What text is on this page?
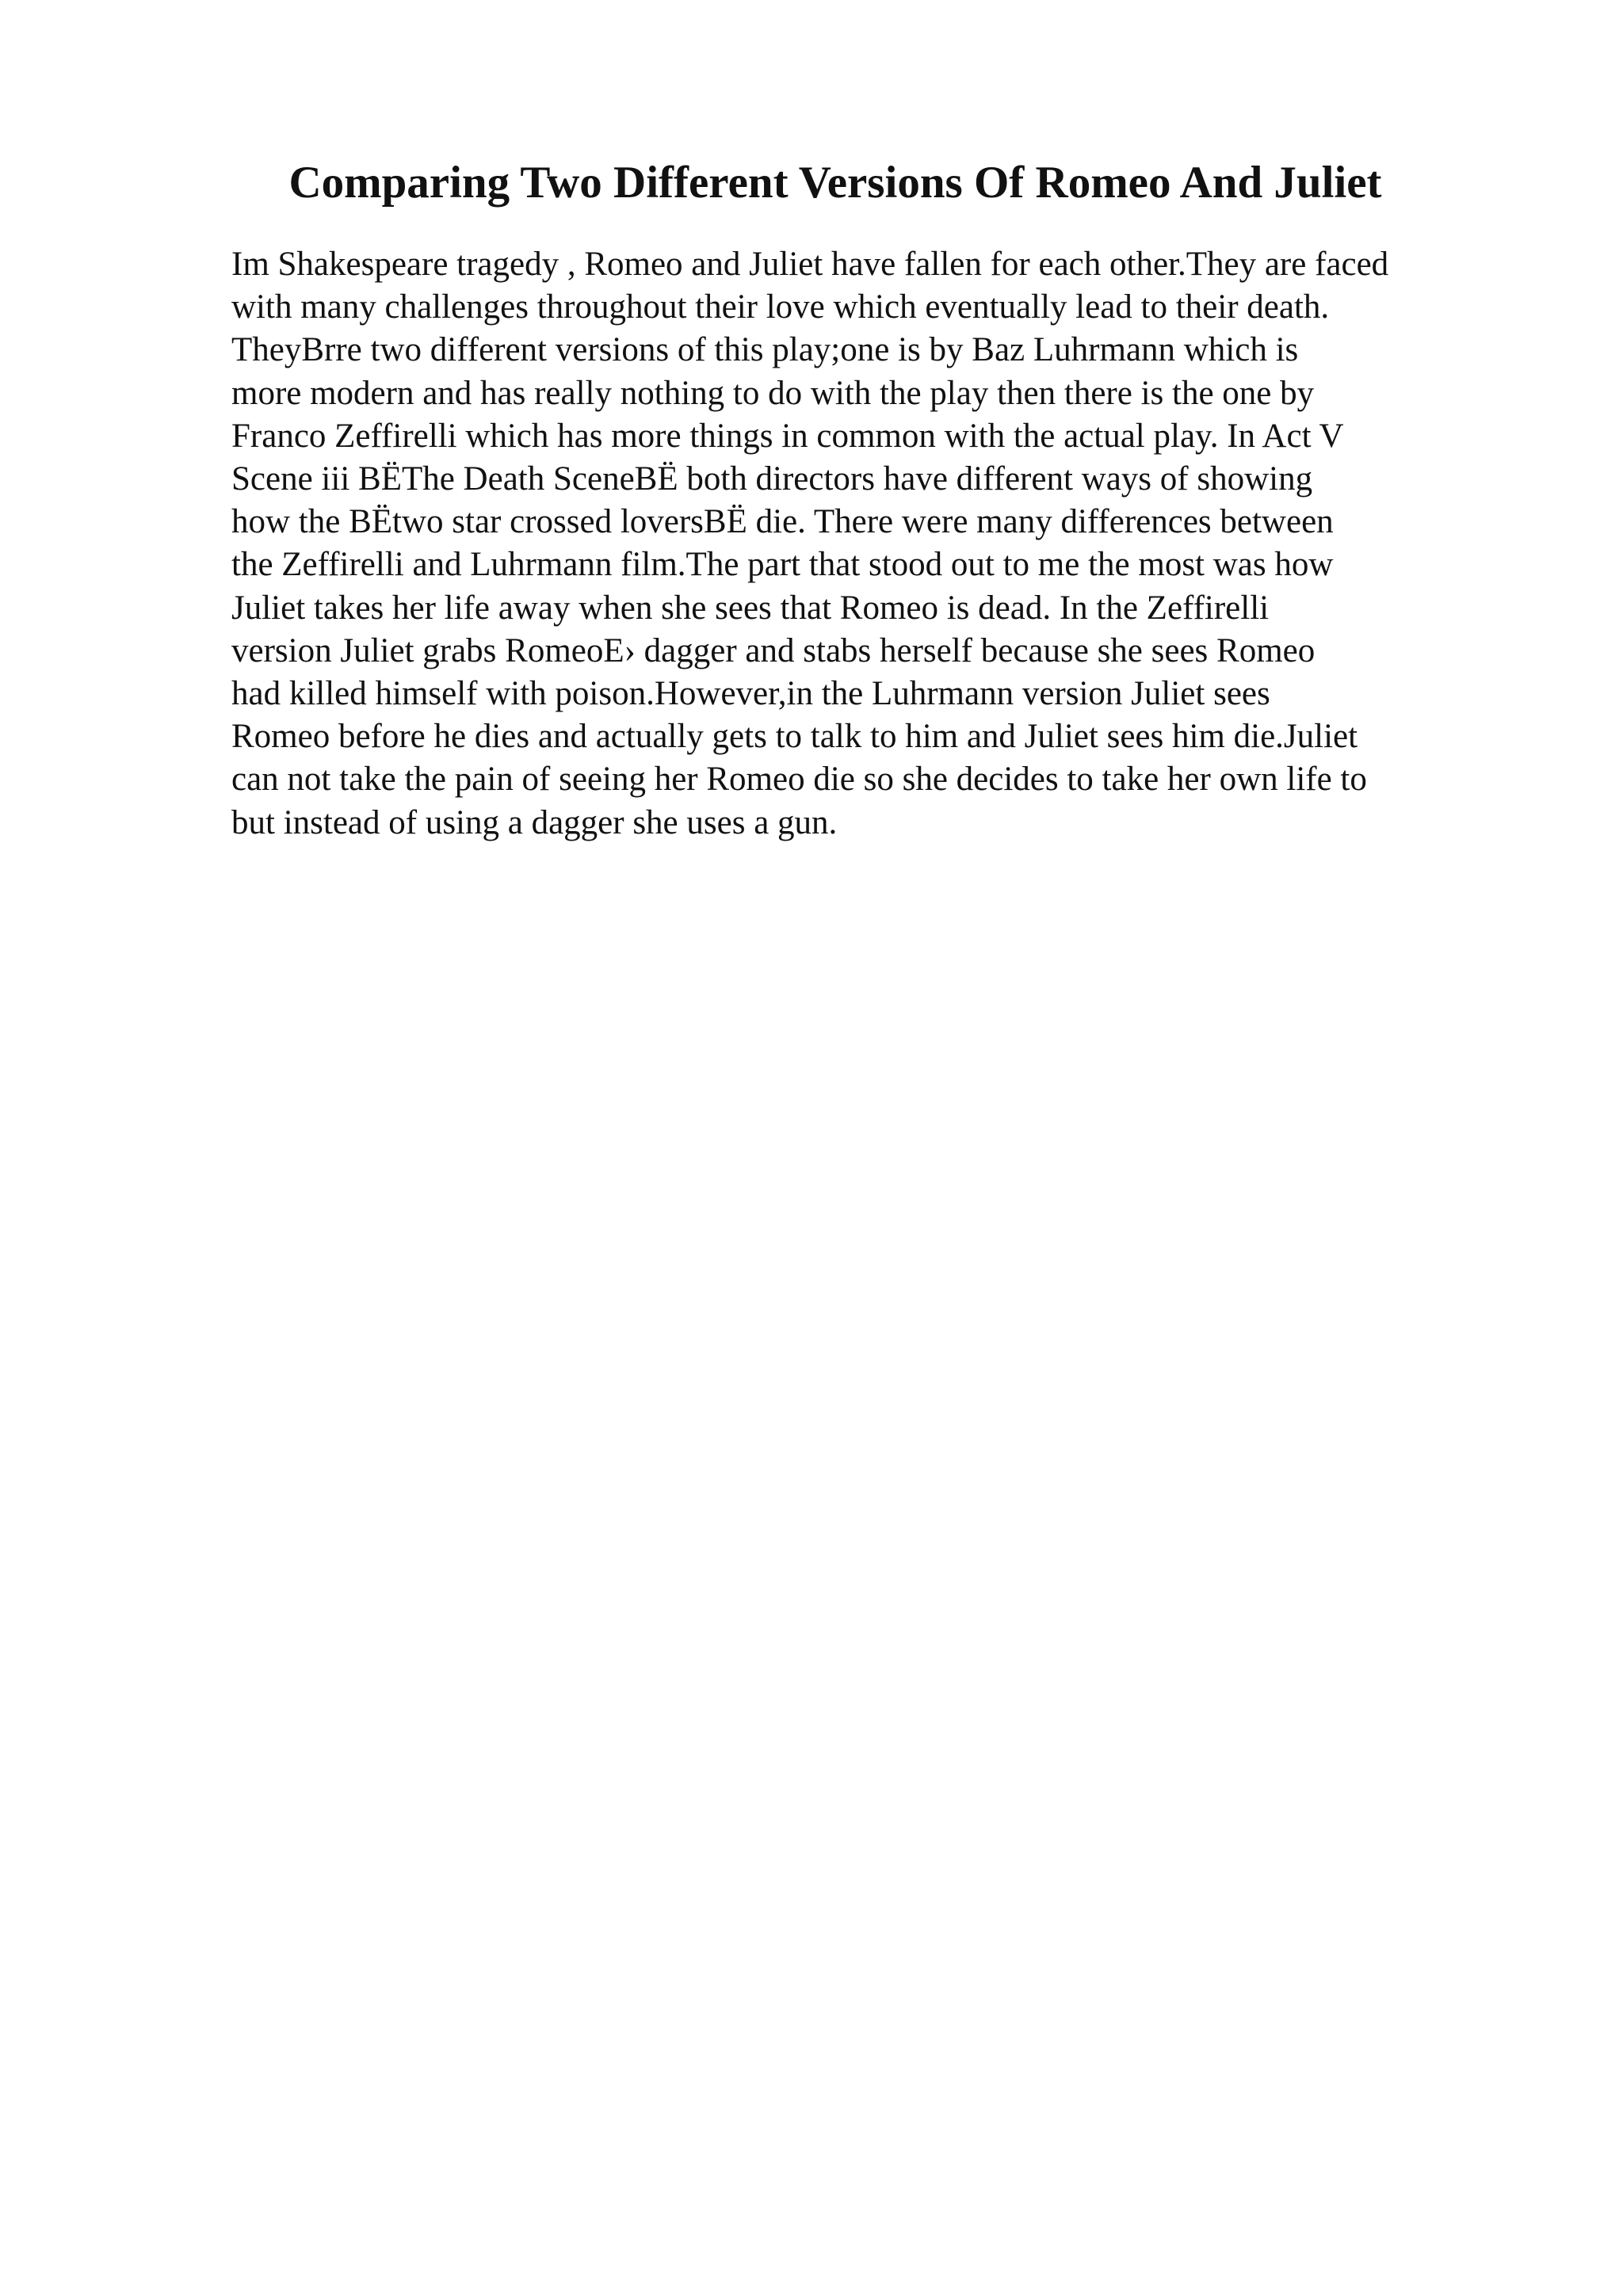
Comparing Two Different Versions Of Romeo And Juliet
Im Shakespeare tragedy , Romeo and Juliet have fallen for each other.They are faced
with many challenges throughout their love which eventually lead to their death.
TheyBrre two different versions of this play;one is by Baz Luhrmann which is
more modern and has really nothing to do with the play then there is the one by
Franco Zeffirelli which has more things in common with the actual play. In Act V
Scene iii BËThe Death SceneBË both directors have different ways of showing
how the BËtwo star crossed loversBË die. There were many differences between
the Zeffirelli and Luhrmann film.The part that stood out to me the most was how
Juliet takes her life away when she sees that Romeo is dead. In the Zeffirelli
version Juliet grabs RomeoE› dagger and stabs herself because she sees Romeo
had killed himself with poison.However,in the Luhrmann version Juliet sees
Romeo before he dies and actually gets to talk to him and Juliet sees him die.Juliet
can not take the pain of seeing her Romeo die so she decides to take her own life to
but instead of using a dagger she uses a gun.
